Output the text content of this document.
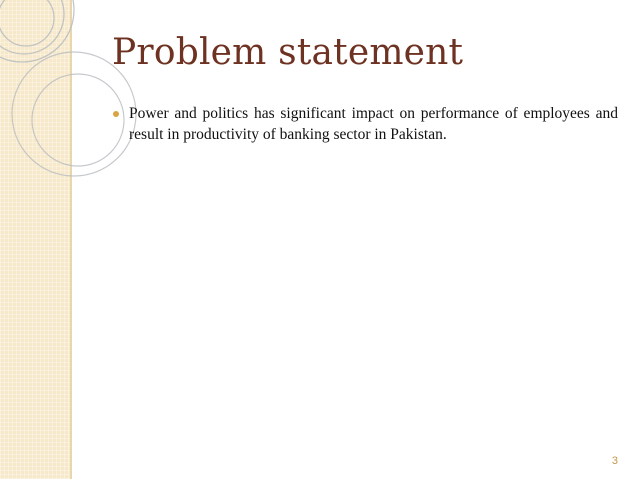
Problem statement
Power and politics has significant impact on performance of employees and result in productivity of banking sector in Pakistan.
3
